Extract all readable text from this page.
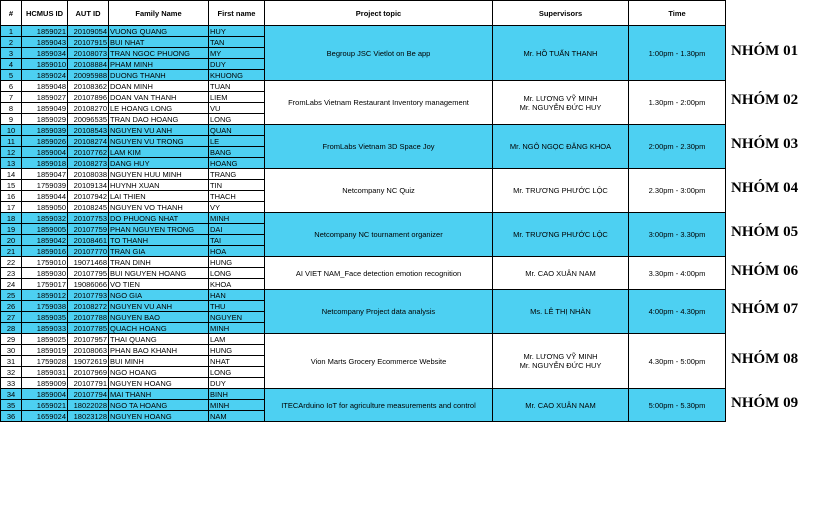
#	HCMUS ID	AUT ID	Family Name	First name	Project topic	Supervisors	Time
1	1859021	20109054	VUONG QUANG	HUY	Begroup JSC Vietlot on Be app	Mr. HỒ TUẤN THANH	1:00pm - 1.30pm
2	1859043	20107915	BUI NHAT	TAN			
3	1859034	20108073	TRAN NGOC PHUONG	MY			
4	1859010	20108884	PHAM MINH	DUY			
5	1859024	20095988	DUONG THANH	KHUONG			
6	1859048	20108362	DOAN MINH	TUAN	FromLabs Vietnam Restaurant Inventory management	Mr. LƯƠNG VỸ MINH
Mr. NGUYỄN ĐỨC HUY	1.30pm - 2:00pm
7	1859027	20107896	DOAN VAN THANH	LIEM			
8	1859049	20108270	LE HOANG LONG	VU			
9	1859029	20096535	TRAN DAO HOANG	LONG			
10	1859039	20108543	NGUYEN VU ANH	QUAN	FromLabs Vietnam 3D Space Joy	Mr. NGÔ NGỌC ĐĂNG KHOA	2:00pm - 2.30pm
11	1859026	20108274	NGUYEN VU TRONG	LE			
12	1859004	20107762	LAM KIM	BANG			
13	1859018	20108273	DANG HUY	HOANG			
14	1859047	20108038	NGUYEN HUU MINH	TRANG	Netcompany NC Quiz	Mr. TRƯƠNG PHƯỚC LỘC	2.30pm - 3:00pm
15	1759039	20109134	HUYNH XUAN	TIN			
16	1859044	20107942	LAI THIEN	THACH			
17	1859050	20108245	NGUYEN VO THANH	VY			
18	1859032	20107753	DO PHUONG NHAT	MINH	Netcompany NC tournament organizer	Mr. TRƯƠNG PHƯỚC LỘC	3:00pm - 3.30pm
19	1859005	20107759	PHAN NGUYEN TRONG	DAI			
20	1859042	20108461	TO THANH	TAI			
21	1859016	20107770	TRAN GIA	HOA			
22	1759010	19071468	TRAN DINH	HUNG	AI VIET NAM_Face detection emotion recognition	Mr. CAO XUÂN NAM	3.30pm - 4:00pm
23	1859030	20107795	BUI NGUYEN HOANG	LONG			
24	1759017	19086066	VO TIEN	KHOA			
25	1859012	20107793	NGO GIA	HAN	Netcompany Project data analysis	Ms. LÊ THỊ NHÀN	4:00pm - 4.30pm
26	1759038	20108272	NGUYEN VU ANH	THU			
27	1859035	20107788	NGUYEN BAO	NGUYEN			
28	1859033	20107785	QUACH HOANG	MINH			
29	1859025	20107957	THAI QUANG	LAM	Vion Marts Grocery Ecommerce Website	Mr. LƯƠNG VỸ MINH
Mr. NGUYỄN ĐỨC HUY	4.30pm - 5:00pm
30	1859019	20108063	PHAN BAO KHANH	HUNG			
31	1759028	19072619	BUI MINH	NHAT			
32	1859031	20107969	NGO HOANG	LONG			
33	1859009	20107791	NGUYEN HOANG	DUY			
34	1859004	20107794	MAI THANH	BINH	ITECArduino IoT for agriculture measurements and control	Mr. CAO XUÂN NAM	5:00pm - 5.30pm
35	1659021	18022028	NGO TA HOANG	MINH			
36	1659024	18023128	NGUYEN HOANG	NAM			
NHÓM 01
NHÓM 02
NHÓM 03
NHÓM 04
NHÓM 05
NHÓM 06
NHÓM 07
NHÓM 08
NHÓM 09
